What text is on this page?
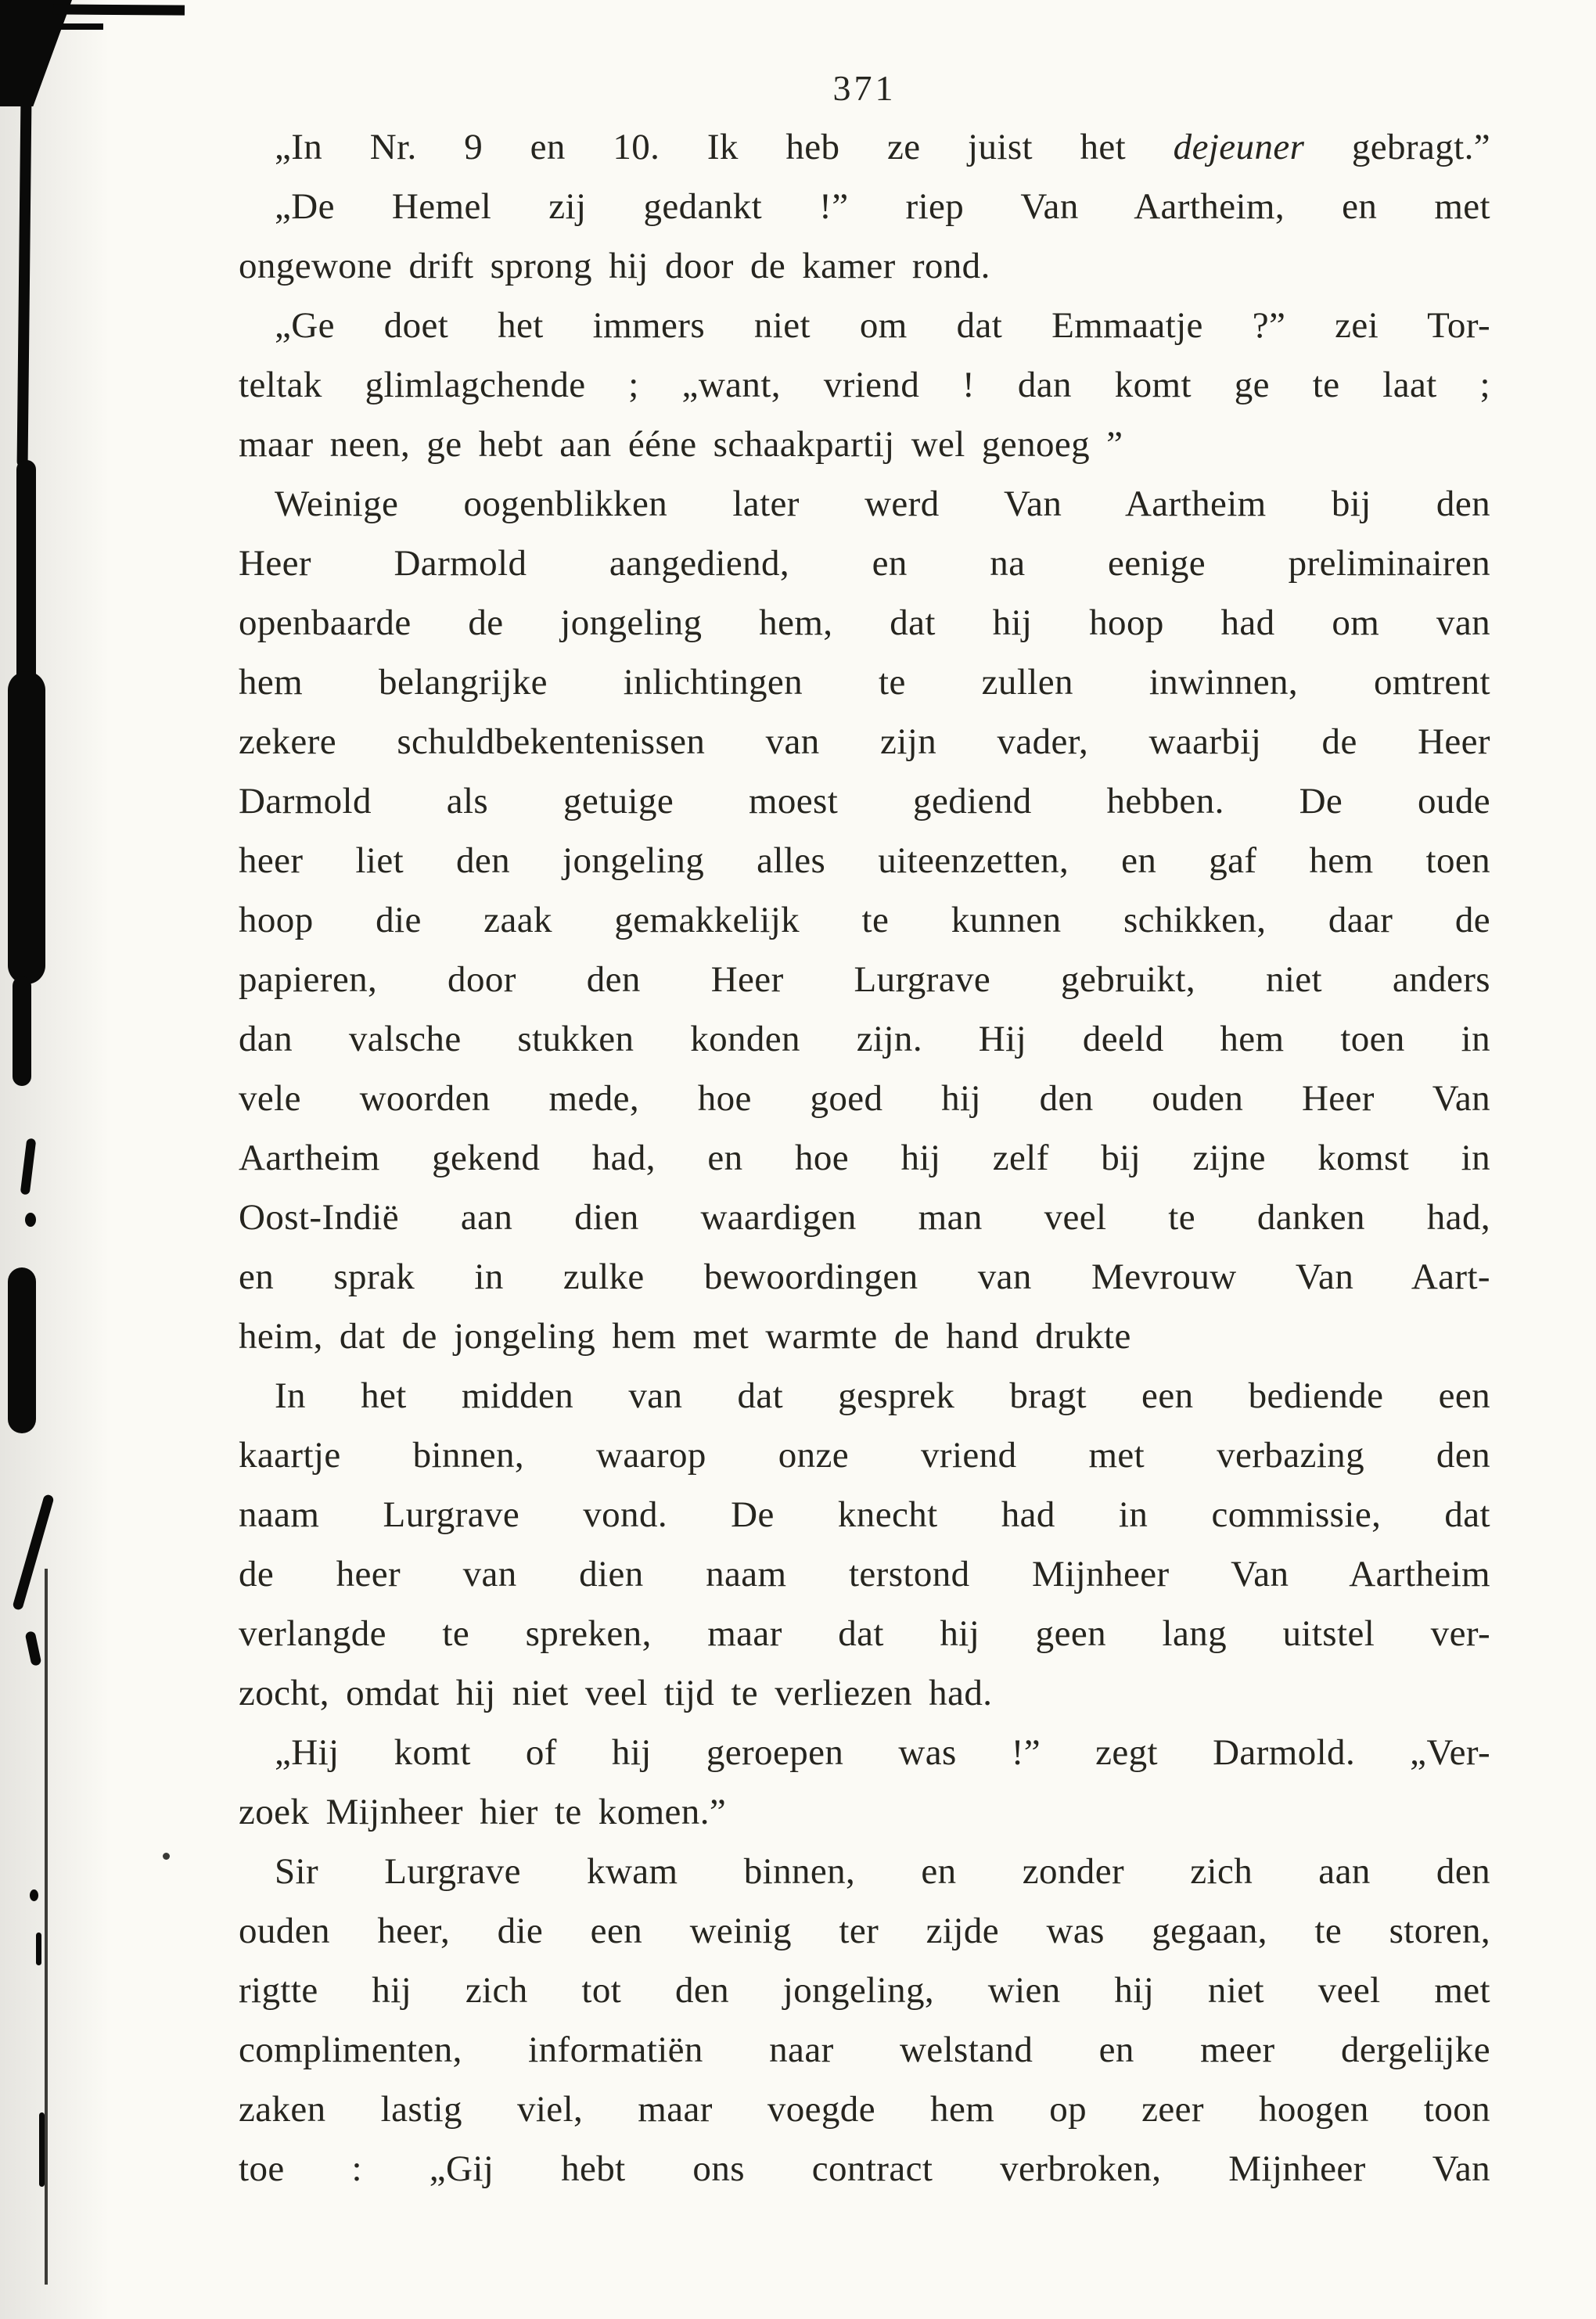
371
„In Nr. 9 en 10. Ik heb ze juist het dejeuner gebragt.”
„De Hemel zij gedankt !” riep Van Aartheim, en met
ongewone drift sprong hij door de kamer rond.
„Ge doet het immers niet om dat Emmaatje ?” zei Tor-
teltak glimlagchende ; „want, vriend ! dan komt ge te laat ;
maar neen, ge hebt aan ééne schaakpartij wel genoeg ”
Weinige oogenblikken later werd Van Aartheim bij den
Heer Darmold aangediend, en na eenige preliminairen
openbaarde de jongeling hem, dat hij hoop had om van
hem belangrijke inlichtingen te zullen inwinnen, omtrent
zekere schuldbekentenissen van zijn vader, waarbij de Heer
Darmold als getuige moest gediend hebben. De oude
heer liet den jongeling alles uiteenzetten, en gaf hem toen
hoop die zaak gemakkelijk te kunnen schikken, daar de
papieren, door den Heer Lurgrave gebruikt, niet anders
dan valsche stukken konden zijn. Hij deeld hem toen in
vele woorden mede, hoe goed hij den ouden Heer Van
Aartheim gekend had, en hoe hij zelf bij zijne komst in
Oost-Indië aan dien waardigen man veel te danken had,
en sprak in zulke bewoordingen van Mevrouw Van Aart-
heim, dat de jongeling hem met warmte de hand drukte
In het midden van dat gesprek bragt een bediende een
kaartje binnen, waarop onze vriend met verbazing den
naam Lurgrave vond. De knecht had in commissie, dat
de heer van dien naam terstond Mijnheer Van Aartheim
verlangde te spreken, maar dat hij geen lang uitstel ver-
zocht, omdat hij niet veel tijd te verliezen had.
„Hij komt of hij geroepen was !” zegt Darmold. „Ver-
zoek Mijnheer hier te komen.”
Sir Lurgrave kwam binnen, en zonder zich aan den
ouden heer, die een weinig ter zijde was gegaan, te storen,
rigtte hij zich tot den jongeling, wien hij niet veel met
complimenten, informatiën naar welstand en meer dergelijke
zaken lastig viel, maar voegde hem op zeer hoogen toon
toe : „Gij hebt ons contract verbroken, Mijnheer Van
